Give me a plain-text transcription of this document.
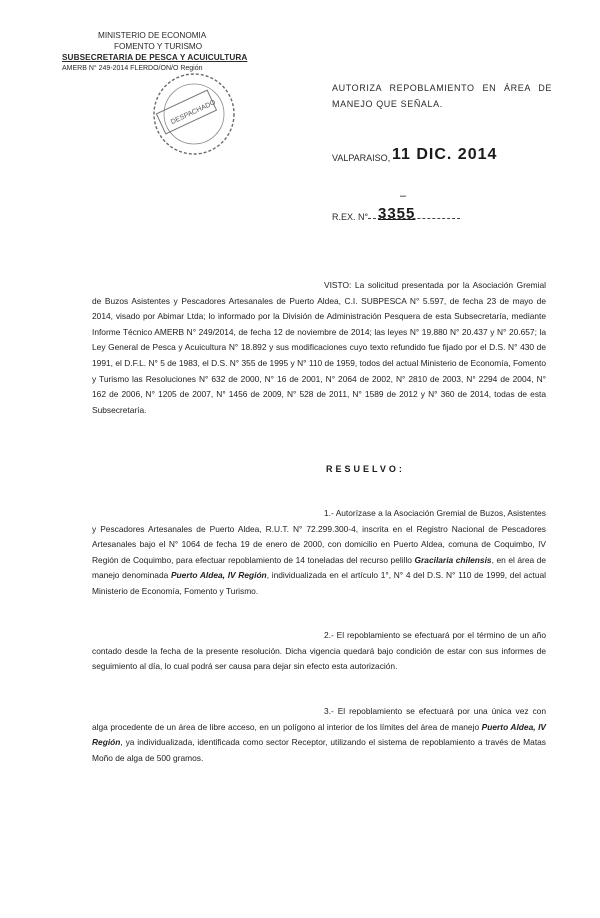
MINISTERIO DE ECONOMIA
FOMENTO Y TURISMO
SUBSECRETARIA DE PESCA Y ACUICULTURA
AMERB N° 249-2014 FLERDO/ON/O Región
DESPACHADO
AUTORIZA REPOBLAMIENTO EN ÁREA DE MANEJO QUE SEÑALA.
VALPARAISO, 11 DIC. 2014
–
R.EX. N° 3355
VISTO: La solicitud presentada por la Asociación Gremial de Buzos Asistentes y Pescadores Artesanales de Puerto Aldea, C.I. SUBPESCA N° 5.597, de fecha 23 de mayo de 2014, visado por Abimar Ltda; lo informado por la División de Administración Pesquera de esta Subsecretaría, mediante Informe Técnico AMERB N° 249/2014, de fecha 12 de noviembre de 2014; las leyes N° 19.880 N° 20.437 y N° 20.657; la Ley General de Pesca y Acuicultura N° 18.892 y sus modificaciones cuyo texto refundido fue fijado por el D.S. N° 430 de 1991, el D.F.L. N° 5 de 1983, el D.S. N° 355 de 1995 y N° 110 de 1959, todos del actual Ministerio de Economía, Fomento y Turismo las Resoluciones N° 632 de 2000, N° 16 de 2001, N° 2064 de 2002, N° 2810 de 2003, N° 2294 de 2004, N° 162 de 2006, N° 1205 de 2007, N° 1456 de 2009, N° 528 de 2011, N° 1589 de 2012 y N° 360 de 2014, todas de esta Subsecretaría.
RESUELVO:
1.- Autorízase a la Asociación Gremial de Buzos, Asistentes y Pescadores Artesanales de Puerto Aldea, R.U.T. N° 72.299.300-4, inscrita en el Registro Nacional de Pescadores Artesanales bajo el N° 1064 de fecha 19 de enero de 2000, con domicilio en Puerto Aldea, comuna de Coquimbo, IV Región de Coquimbo, para efectuar repoblamiento de 14 toneladas del recurso pelillo Gracilaria chilensis, en el área de manejo denominada Puerto Aldea, IV Región, individualizada en el artículo 1°, N° 4 del D.S. N° 110 de 1999, del actual Ministerio de Economía, Fomento y Turismo.
2.- El repoblamiento se efectuará por el término de un año contado desde la fecha de la presente resolución. Dicha vigencia quedará bajo condición de estar con sus informes de seguimiento al día, lo cual podrá ser causa para dejar sin efecto esta autorización.
3.- El repoblamiento se efectuará por una única vez con alga procedente de un área de libre acceso, en un polígono al interior de los límites del área de manejo Puerto Aldea, IV Región, ya individualizada, identificada como sector Receptor, utilizando el sistema de repoblamiento a través de Matas Moño de alga de 500 gramos.
